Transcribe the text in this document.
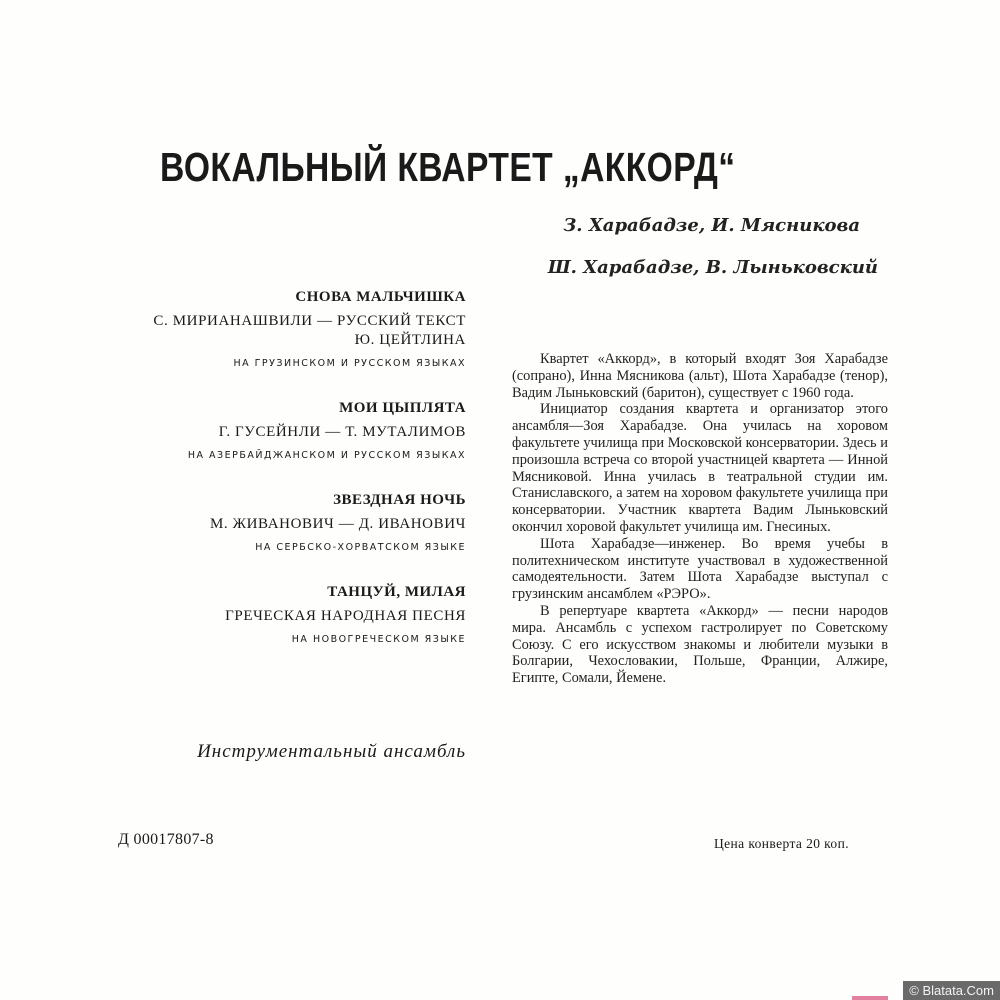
ВОКАЛЬНЫЙ КВАРТЕТ „АККОРД“
З. Харабадзе, И. Мясникова
Ш. Харабадзе, В. Лыньковский
СНОВА МАЛЬЧИШКА
С. МИРИАНАШВИЛИ — РУССКИЙ ТЕКСТ
Ю. ЦЕЙТЛИНА
НА ГРУЗИНСКОМ И РУССКОМ ЯЗЫКАХ
МОИ ЦЫПЛЯТА
Г. ГУСЕЙНЛИ — Т. МУТАЛИМОВ
НА АЗЕРБАЙДЖАНСКОМ И РУССКОМ ЯЗЫКАХ
ЗВЕЗДНАЯ НОЧЬ
М. ЖИВАНОВИЧ — Д. ИВАНОВИЧ
НА СЕРБСКО-ХОРВАТСКОМ ЯЗЫКЕ
ТАНЦУЙ, МИЛАЯ
ГРЕЧЕСКАЯ НАРОДНАЯ ПЕСНЯ
НА НОВОГРЕЧЕСКОМ ЯЗЫКЕ
Инструментальный ансамбль
Д 00017807-8

Квартет «Аккорд», в который входят Зоя Харабадзе (сопрано), Инна Мясникова (альт), Шота Харабадзе (тенор), Вадим Лыньковский (баритон), существует с 1960 года.

Инициатор создания квартета и организатор этого ансамбля—Зоя Харабадзе. Она училась на хоровом факультете училища при Московской консерватории. Здесь и произошла встреча со второй участницей квартета — Инной Мясниковой. Инна училась в театральной студии им. Станиславского, а затем на хоровом факультете училища при консерватории. Участник квартета Вадим Лыньковский окончил хоровой факультет училища им. Гнесиных.

Шота Харабадзе—инженер. Во время учебы в политехническом институте участвовал в художественной самодеятельности. Затем Шота Харабадзе выступал с грузинским ансамблем «РЭРО».

В репертуаре квартета «Аккорд» — песни народов мира. Ансамбль с успехом гастролирует по Советскому Союзу. С его искусством знакомы и любители музыки в Болгарии, Чехословакии, Польше, Франции, Алжире, Египте, Сомали, Йемене.

Цена конверта 20 коп.
© Blatata.Com
